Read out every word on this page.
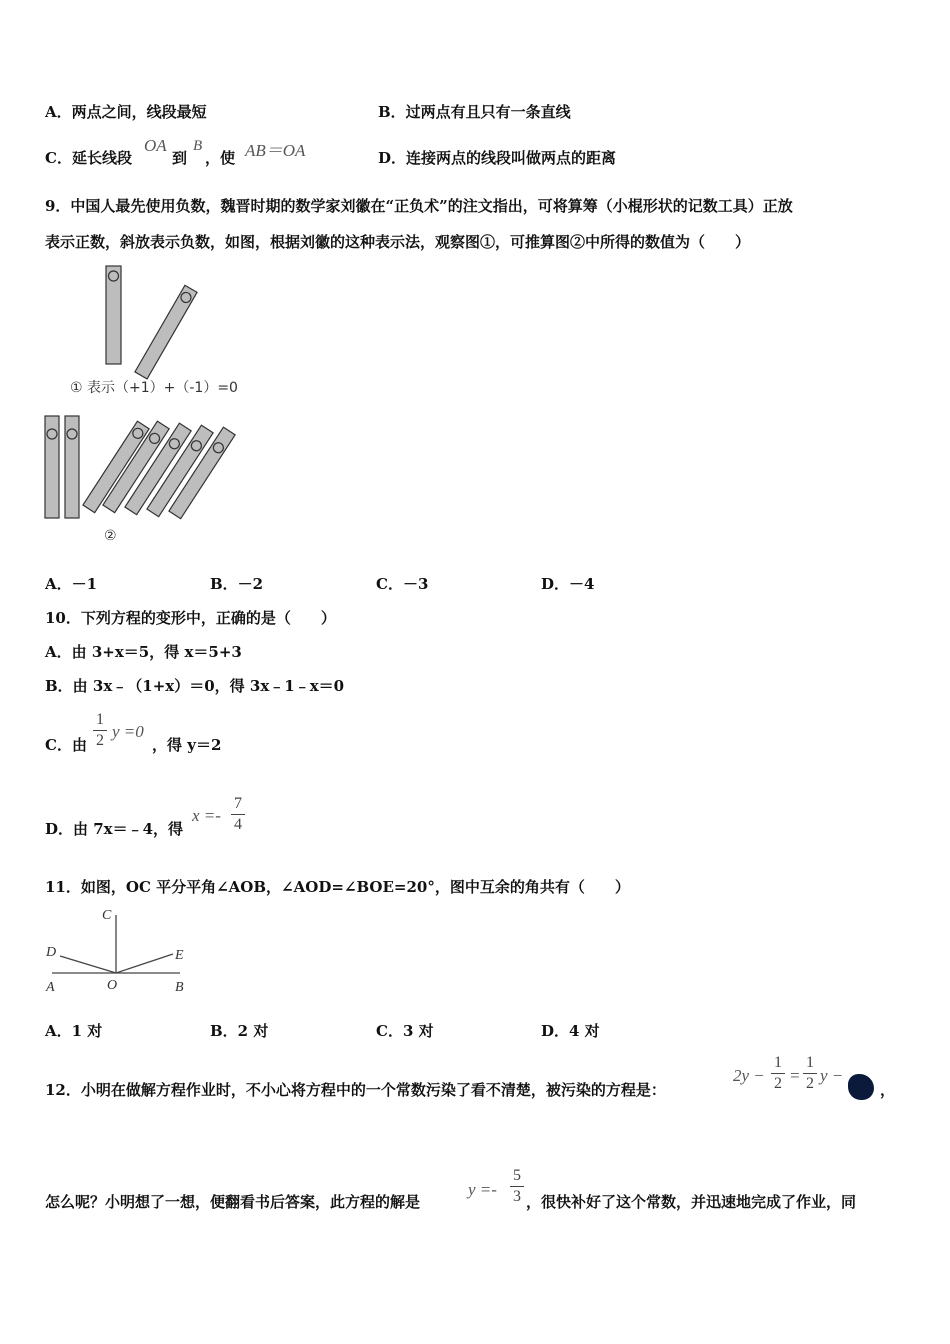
A．两点之间，线段最短	B．过两点有且只有一条直线
C．延长线段
OA
到
B
，使 AB＝OA	D．连接两点的线段叫做两点的距离
9．中国人最先使用负数，魏晋时期的数学家刘徽在“正负术”的注文指出，可将算筹（小棍形状的记数工具）正放
表示正数，斜放表示负数，如图，根据刘徽的这种表示法，观察图①，可推算图②中所得的数值为（　　）
① 表示（+1）+（-1）=0
②
A．－1	B．－2	C．－3	D．－4
10．下列方程的变形中，正确的是（　　）
A．由 3+x＝5，得 x＝5+3
B．由 3x﹣（1+x）＝0，得 3x﹣1﹣x＝0
C．由
1
2 y =0
，得 y＝2
D．由 7x＝﹣4，得
x =-
7
4
11．如图，OC 平分平角∠AOB，∠AOD=∠BOE=20°，图中互余的角共有（　　）
C
D	E
A	O	B
A．1 对	B．2 对	C．3 对	D．4 对
12．小明在做解方程作业时，不小心将方程中的一个常数污染了看不清楚，被污染的方程是：
2y −
1
2 =
1
2 y −
，
怎么呢？小明想了一想，便翻看书后答案，此方程的解是
y =-
5
3 ，很快补好了这个常数，并迅速地完成了作业，同
